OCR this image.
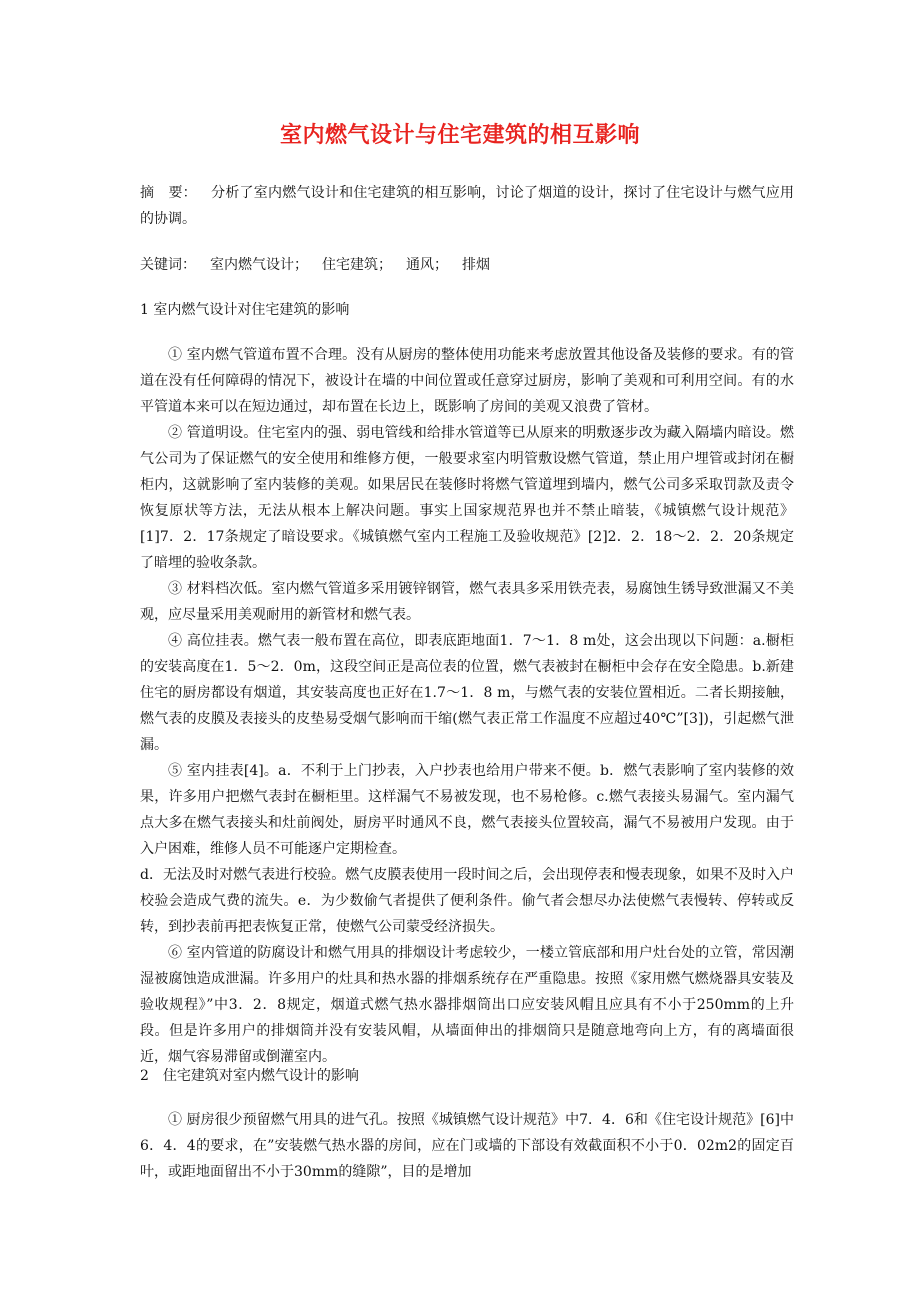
室内燃气设计与住宅建筑的相互影响

摘　要：  分析了室内燃气设计和住宅建筑的相互影响，讨论了烟道的设计，探讨了住宅设计与燃气应用的协调。

关键词： 室内燃气设计； 住宅建筑； 通风； 排烟
1 室内燃气设计对住宅建筑的影响

① 室内燃气管道布置不合理。没有从厨房的整体使用功能来考虑放置其他设备及装修的要求。有的管道在没有任何障碍的情况下，被设计在墙的中间位置或任意穿过厨房，影响了美观和可利用空间。有的水平管道本来可以在短边通过，却布置在长边上，既影响了房间的美观又浪费了管材。

② 管道明设。住宅室内的强、弱电管线和给排水管道等已从原来的明敷逐步改为藏入隔墙内暗设。燃气公司为了保证燃气的安全使用和维修方便，一般要求室内明管敷设燃气管道，禁止用户埋管或封闭在橱柜内，这就影响了室内装修的美观。如果居民在装修时将燃气管道埋到墙内，燃气公司多采取罚款及责令恢复原状等方法，无法从根本上解决问题。事实上国家规范界也并不禁止暗装，《城镇燃气设计规范》[1]7．2．17条规定了暗设要求。《城镇燃气室内工程施工及验收规范》[2]2．2．18～2．2．20条规定了暗埋的验收条款。

③ 材料档次低。室内燃气管道多采用镀锌钢管，燃气表具多采用铁壳表，易腐蚀生锈导致泄漏又不美观，应尽量采用美观耐用的新管材和燃气表。

④ 高位挂表。燃气表一般布置在高位，即表底距地面1．7～1．8 m处，这会出现以下问题：a.橱柜的安装高度在1．5～2．0m，这段空间正是高位表的位置，燃气表被封在橱柜中会存在安全隐患。b.新建住宅的厨房都设有烟道，其安装高度也正好在1.7～1．8 m，与燃气表的安装位置相近。二者长期接触，燃气表的皮膜及表接头的皮垫易受烟气影响而干缩(燃气表正常工作温度不应超过40℃”[3])，引起燃气泄漏。

⑤ 室内挂表[4]。a．不利于上门抄表，入户抄表也给用户带来不便。b．燃气表影响了室内装修的效果，许多用户把燃气表封在橱柜里。这样漏气不易被发现，也不易枪修。c.燃气表接头易漏气。室内漏气点大多在燃气表接头和灶前阀处，厨房平时通风不良，燃气表接头位置较高，漏气不易被用户发现。由于入户困难，维修人员不可能逐户定期检查。

d．无法及时对燃气表进行校验。燃气皮膜表使用一段时间之后，会出现停表和慢表现象，如果不及时入户校验会造成气费的流失。e．为少数偷气者提供了便利条件。偷气者会想尽办法使燃气表慢转、停转或反转，到抄表前再把表恢复正常，使燃气公司蒙受经济损失。

⑥ 室内管道的防腐设计和燃气用具的排烟设计考虑较少，一楼立管底部和用户灶台处的立管，常因潮湿被腐蚀造成泄漏。许多用户的灶具和热水器的排烟系统存在严重隐患。按照《家用燃气燃烧器具安装及验收规程》”中3．2．8规定，烟道式燃气热水器排烟筒出口应安装风帽且应具有不小于250mm的上升段。但是许多用户的排烟筒并没有安装风帽，从墙面伸出的排烟筒只是随意地弯向上方，有的离墙面很近，烟气容易滞留或倒灌室内。

2　住宅建筑对室内燃气设计的影响

① 厨房很少预留燃气用具的进气孔。按照《城镇燃气设计规范》中7．4．6和《住宅设计规范》[6]中6．4．4的要求，在”安装燃气热水器的房间，应在门或墙的下部设有效截面积不小于0．02m2的固定百叶，或距地面留出不小于30mm的缝隙”，目的是增加
